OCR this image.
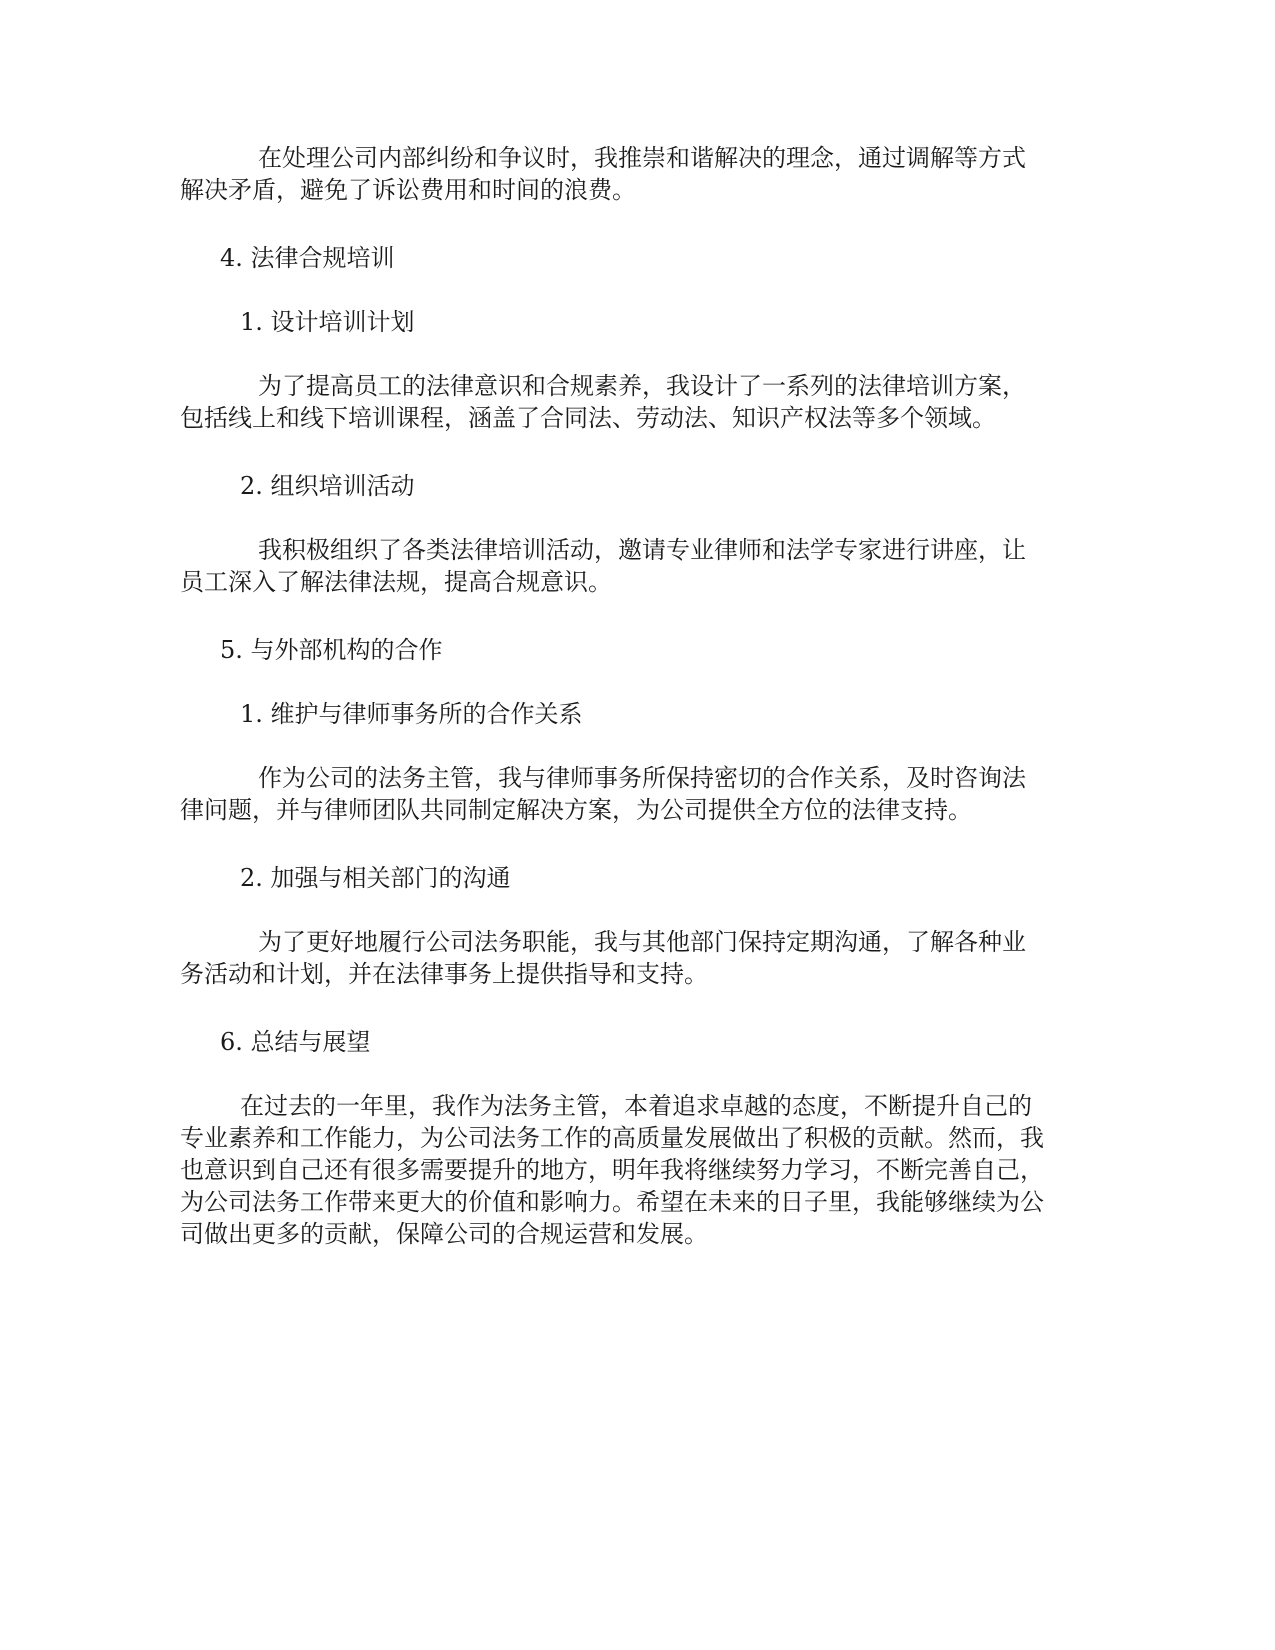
在处理公司内部纠纷和争议时，我推崇和谐解决的理念，通过调解等方式
解决矛盾，避免了诉讼费用和时间的浪费。
4. 法律合规培训
1. 设计培训计划
为了提高员工的法律意识和合规素养，我设计了一系列的法律培训方案，
包括线上和线下培训课程，涵盖了合同法、劳动法、知识产权法等多个领域。
2. 组织培训活动
我积极组织了各类法律培训活动，邀请专业律师和法学专家进行讲座，让
员工深入了解法律法规，提高合规意识。
5. 与外部机构的合作
1. 维护与律师事务所的合作关系
作为公司的法务主管，我与律师事务所保持密切的合作关系，及时咨询法
律问题，并与律师团队共同制定解决方案，为公司提供全方位的法律支持。
2. 加强与相关部门的沟通
为了更好地履行公司法务职能，我与其他部门保持定期沟通，了解各种业
务活动和计划，并在法律事务上提供指导和支持。
6. 总结与展望
在过去的一年里，我作为法务主管，本着追求卓越的态度，不断提升自己的
专业素养和工作能力，为公司法务工作的高质量发展做出了积极的贡献。然而，我
也意识到自己还有很多需要提升的地方，明年我将继续努力学习，不断完善自己，
为公司法务工作带来更大的价值和影响力。希望在未来的日子里，我能够继续为公
司做出更多的贡献，保障公司的合规运营和发展。
